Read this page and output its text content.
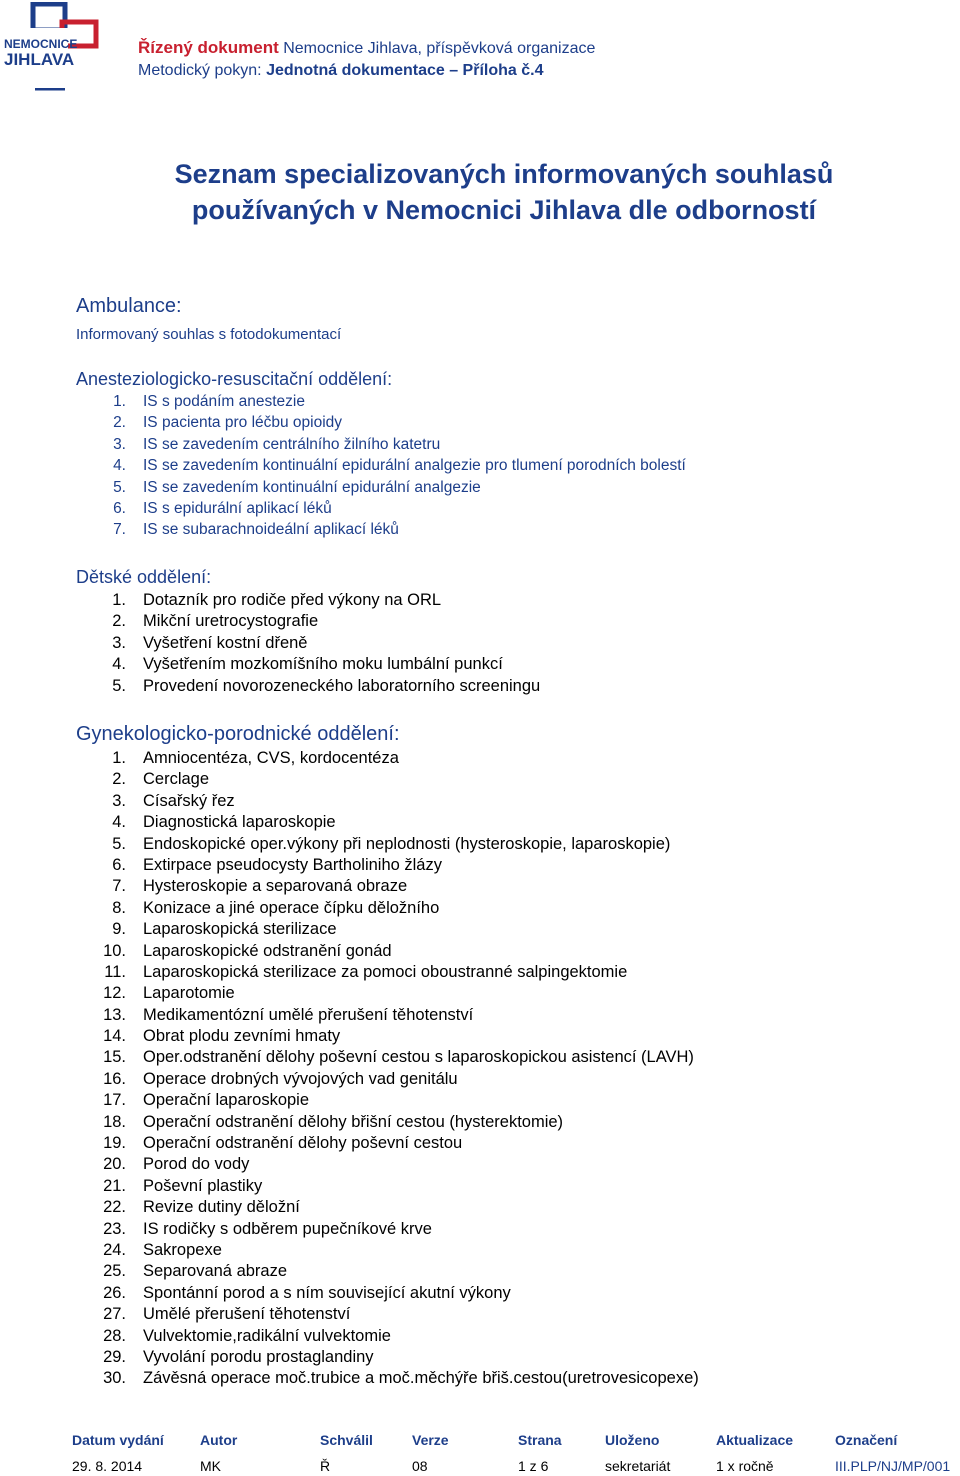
NEMOCNICE
JIHLAVA
Řízený dokument Nemocnice Jihlava, příspěvková organizace
Metodický pokyn: Jednotná dokumentace – Příloha č.4
Seznam specializovaných informovaných souhlasů
používaných v Nemocnici Jihlava dle odborností
Ambulance:
Informovaný souhlas s fotodokumentací
Anesteziologicko-resuscitační oddělení:
1. IS s podáním anestezie
2. IS pacienta pro léčbu opioidy
3. IS se zavedením centrálního žilního katetru
4. IS se zavedením kontinuální epidurální analgezie pro tlumení porodních bolestí
5. IS se zavedením kontinuální epidurální analgezie
6. IS s epidurální aplikací léků
7. IS se subarachnoideální aplikací léků
Dětské oddělení:
1. Dotazník pro rodiče před výkony na ORL
2. Mikční uretrocystografie
3. Vyšetření kostní dřeně
4. Vyšetřením mozkomíšního moku lumbální punkcí
5. Provedení novorozeneckého laboratorního screeningu
Gynekologicko-porodnické oddělení:
1. Amniocentéza, CVS, kordocentéza
2. Cerclage
3. Císařský řez
4. Diagnostická laparoskopie
5. Endoskopické oper.výkony při neplodnosti (hysteroskopie, laparoskopie)
6. Extirpace pseudocysty Bartholiniho žlázy
7. Hysteroskopie a separovaná obraze
8. Konizace a jiné operace čípku děložního
9. Laparoskopická sterilizace
10. Laparoskopické odstranění gonád
11. Laparoskopická sterilizace za pomoci oboustranné salpingektomie
12. Laparotomie
13. Medikamentózní umělé přerušení těhotenství
14. Obrat plodu zevními hmaty
15. Oper.odstranění dělohy poševní cestou s laparoskopickou asistencí (LAVH)
16. Operace drobných vývojových vad genitálu
17. Operační laparoskopie
18. Operační odstranění dělohy břišní cestou (hysterektomie)
19. Operační odstranění dělohy poševní cestou
20. Porod do vody
21. Poševní plastiky
22. Revize dutiny děložní
23. IS rodičky s odběrem pupečníkové krve
24. Sakropexe
25. Separovaná abraze
26. Spontánní porod a s ním související akutní výkony
27. Umělé přerušení těhotenství
28. Vulvektomie,radikální vulvektomie
29. Vyvolání porodu prostaglandiny
30. Závěsná operace moč.trubice a moč.měchýře břiš.cestou(uretrovesicopexe)
Datum vydání
29. 8. 2014
Autor
MK
Schválil
Ř
Verze
08
Strana
1 z 6
Uloženo
sekretariát
Aktualizace
1 x ročně
Označení
III.PLP/NJ/MP/001
